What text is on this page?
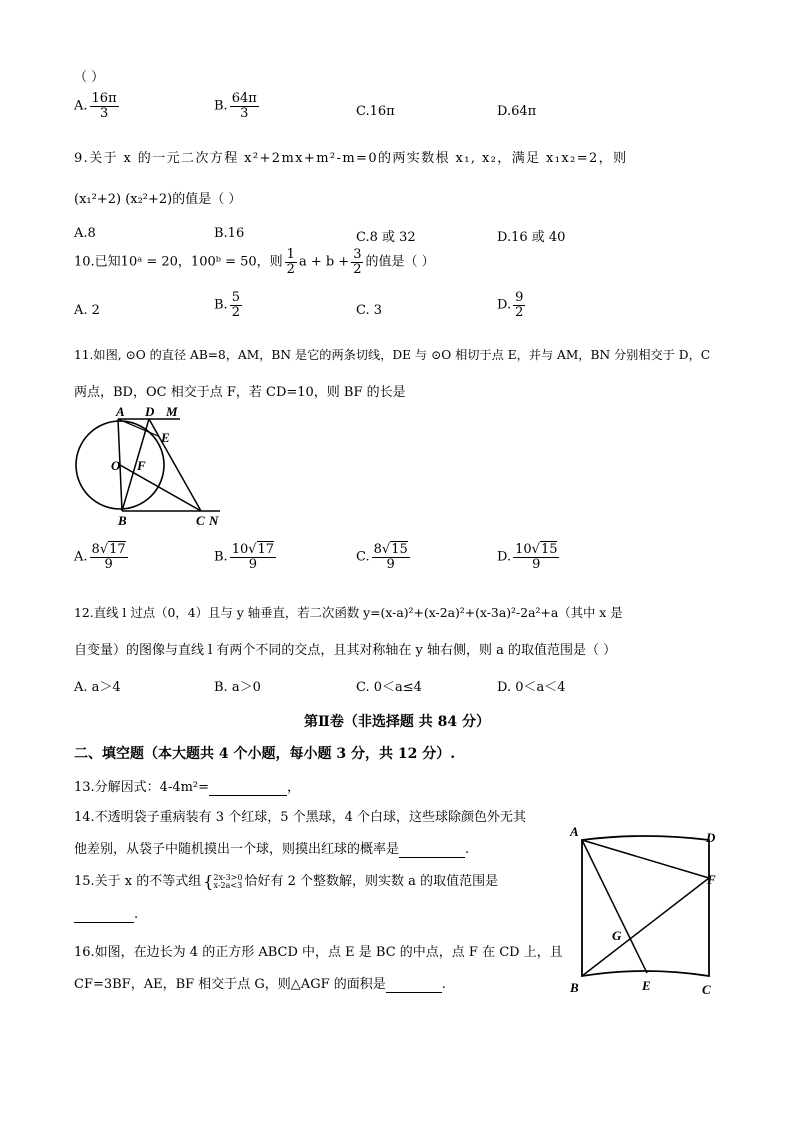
（ ）
A. $\frac{16\pi}{3}$	B. $\frac{64\pi}{3}$	C.16π	D.64π
9.关于 x 的一元二次方程 x²+2mx+m²-m=0的两实数根 x₁, x₂，满足 x₁x₂=2，则
(x₁²+2) (x₂²+2)的值是（ ）
A.8	B.16	C.8 或 32	D.16 或 40
10.已知10ᵃ = 20，100ᵇ = 50，则 $\frac{1}{2}$ $a + b + \frac{3}{2}$ 的值是（ ）
A. 2	B. $\frac{5}{2}$	C. 3	D. $\frac{9}{2}$
11.如图, ⊙O 的直径 AB=8，AM，BN 是它的两条切线，DE 与 ⊙O 相切于点 E，并与 AM，BN 分别相交于 D，C
两点，BD，OC 相交于点 F，若 CD=10，则 BF 的长是
A D M
E
O F
B	C N
A. $\frac{8√17}{9}$	B. $\frac{10√17}{9}$	C. $\frac{8√15}{9}$	D. $\frac{10√15}{9}$
12.直线 l 过点（0，4）且与 y 轴垂直，若二次函数 y=(x-a)²+(x-2a)²+(x-3a)²-2a²+a（其中 x 是
自变量）的图像与直线 l 有两个不同的交点，且其对称轴在 y 轴右侧，则 a 的取值范围是（ ）
A. a＞4	B. a＞0	C. 0＜a≤4	D. 0＜a＜4
第Ⅱ卷（非选择题 共 84 分）
二、填空题（本大题共 4 个小题，每小题 3 分，共 12 分）.
13.分解因式：4-4m²=	，
14.不透明袋子重病装有 3 个红球，5 个黑球，4 个白球，这些球除颜色外无其
他差别，从袋子中随机摸出一个球，则摸出红球的概率是	.
15.关于 x 的不等式组 { 2x-3>0
x-2a<3 恰好有 2 个整数解，则实数 a 的取值范围是
.
16.如图，在边长为 4 的正方形 ABCD 中，点 E 是 BC 的中点，点 F 在 CD 上，且
CF=3BF，AE，BF 相交于点 G，则△AGF 的面积是	.
A	D
F
G
B	E	C
